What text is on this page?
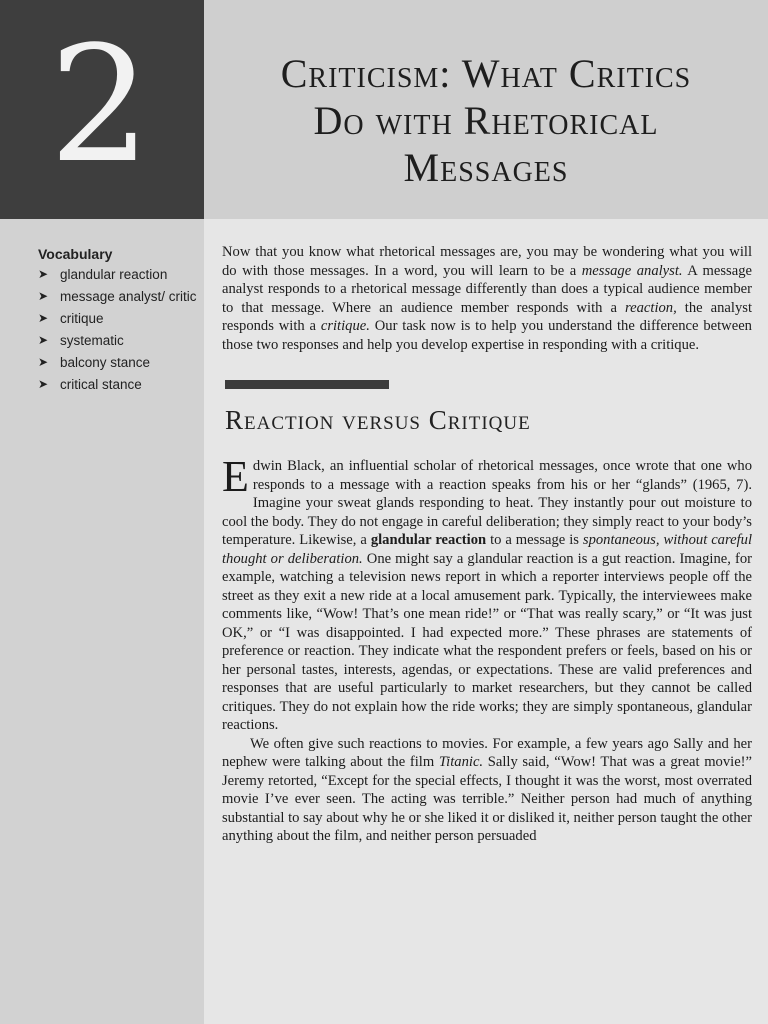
2	Criticism: What Critics
Do with Rhetorical
Messages
Vocabulary
➤ glandular reaction
➤ message analyst/ critic
➤ critique
➤ systematic
➤ balcony stance
➤ critical stance

Now that you know what rhetorical messages are, you may be wondering what you will do with those messages. In a word, you will learn to be a message analyst. A message analyst responds to a rhetorical message differently than does a typical audience member to that message. Where an audience member responds with a reaction, the analyst responds with a critique. Our task now is to help you understand the difference between those two responses and help you develop expertise in responding with a critique.

Reaction versus Critique

Edwin Black, an influential scholar of rhetorical messages, once wrote that one who responds to a message with a reaction speaks from his or her “glands” (1965, 7). Imagine your sweat glands responding to heat. They instantly pour out moisture to cool the body. They do not engage in careful deliberation; they simply react to your body’s temperature. Likewise, a glandular reaction to a message is spontaneous, without careful thought or deliberation. One might say a glandular reaction is a gut reaction. Imagine, for example, watching a television news report in which a reporter interviews people off the street as they exit a new ride at a local amusement park. Typically, the interviewees make comments like, “Wow! That’s one mean ride!” or “That was really scary,” or “It was just OK,” or “I was disappointed. I had expected more.” These phrases are statements of preference or reaction. They indicate what the respondent prefers or feels, based on his or her personal tastes, interests, agendas, or expectations. These are valid preferences and responses that are useful particularly to market researchers, but they cannot be called critiques. They do not explain how the ride works; they are simply spontaneous, glandular reactions.

We often give such reactions to movies. For example, a few years ago Sally and her nephew were talking about the film Titanic. Sally said, “Wow! That was a great movie!” Jeremy retorted, “Except for the special effects, I thought it was the worst, most overrated movie I’ve ever seen. The acting was terrible.” Neither person had much of anything substantial to say about why he or she liked it or disliked it, neither person taught the other anything about the film, and neither person persuaded
